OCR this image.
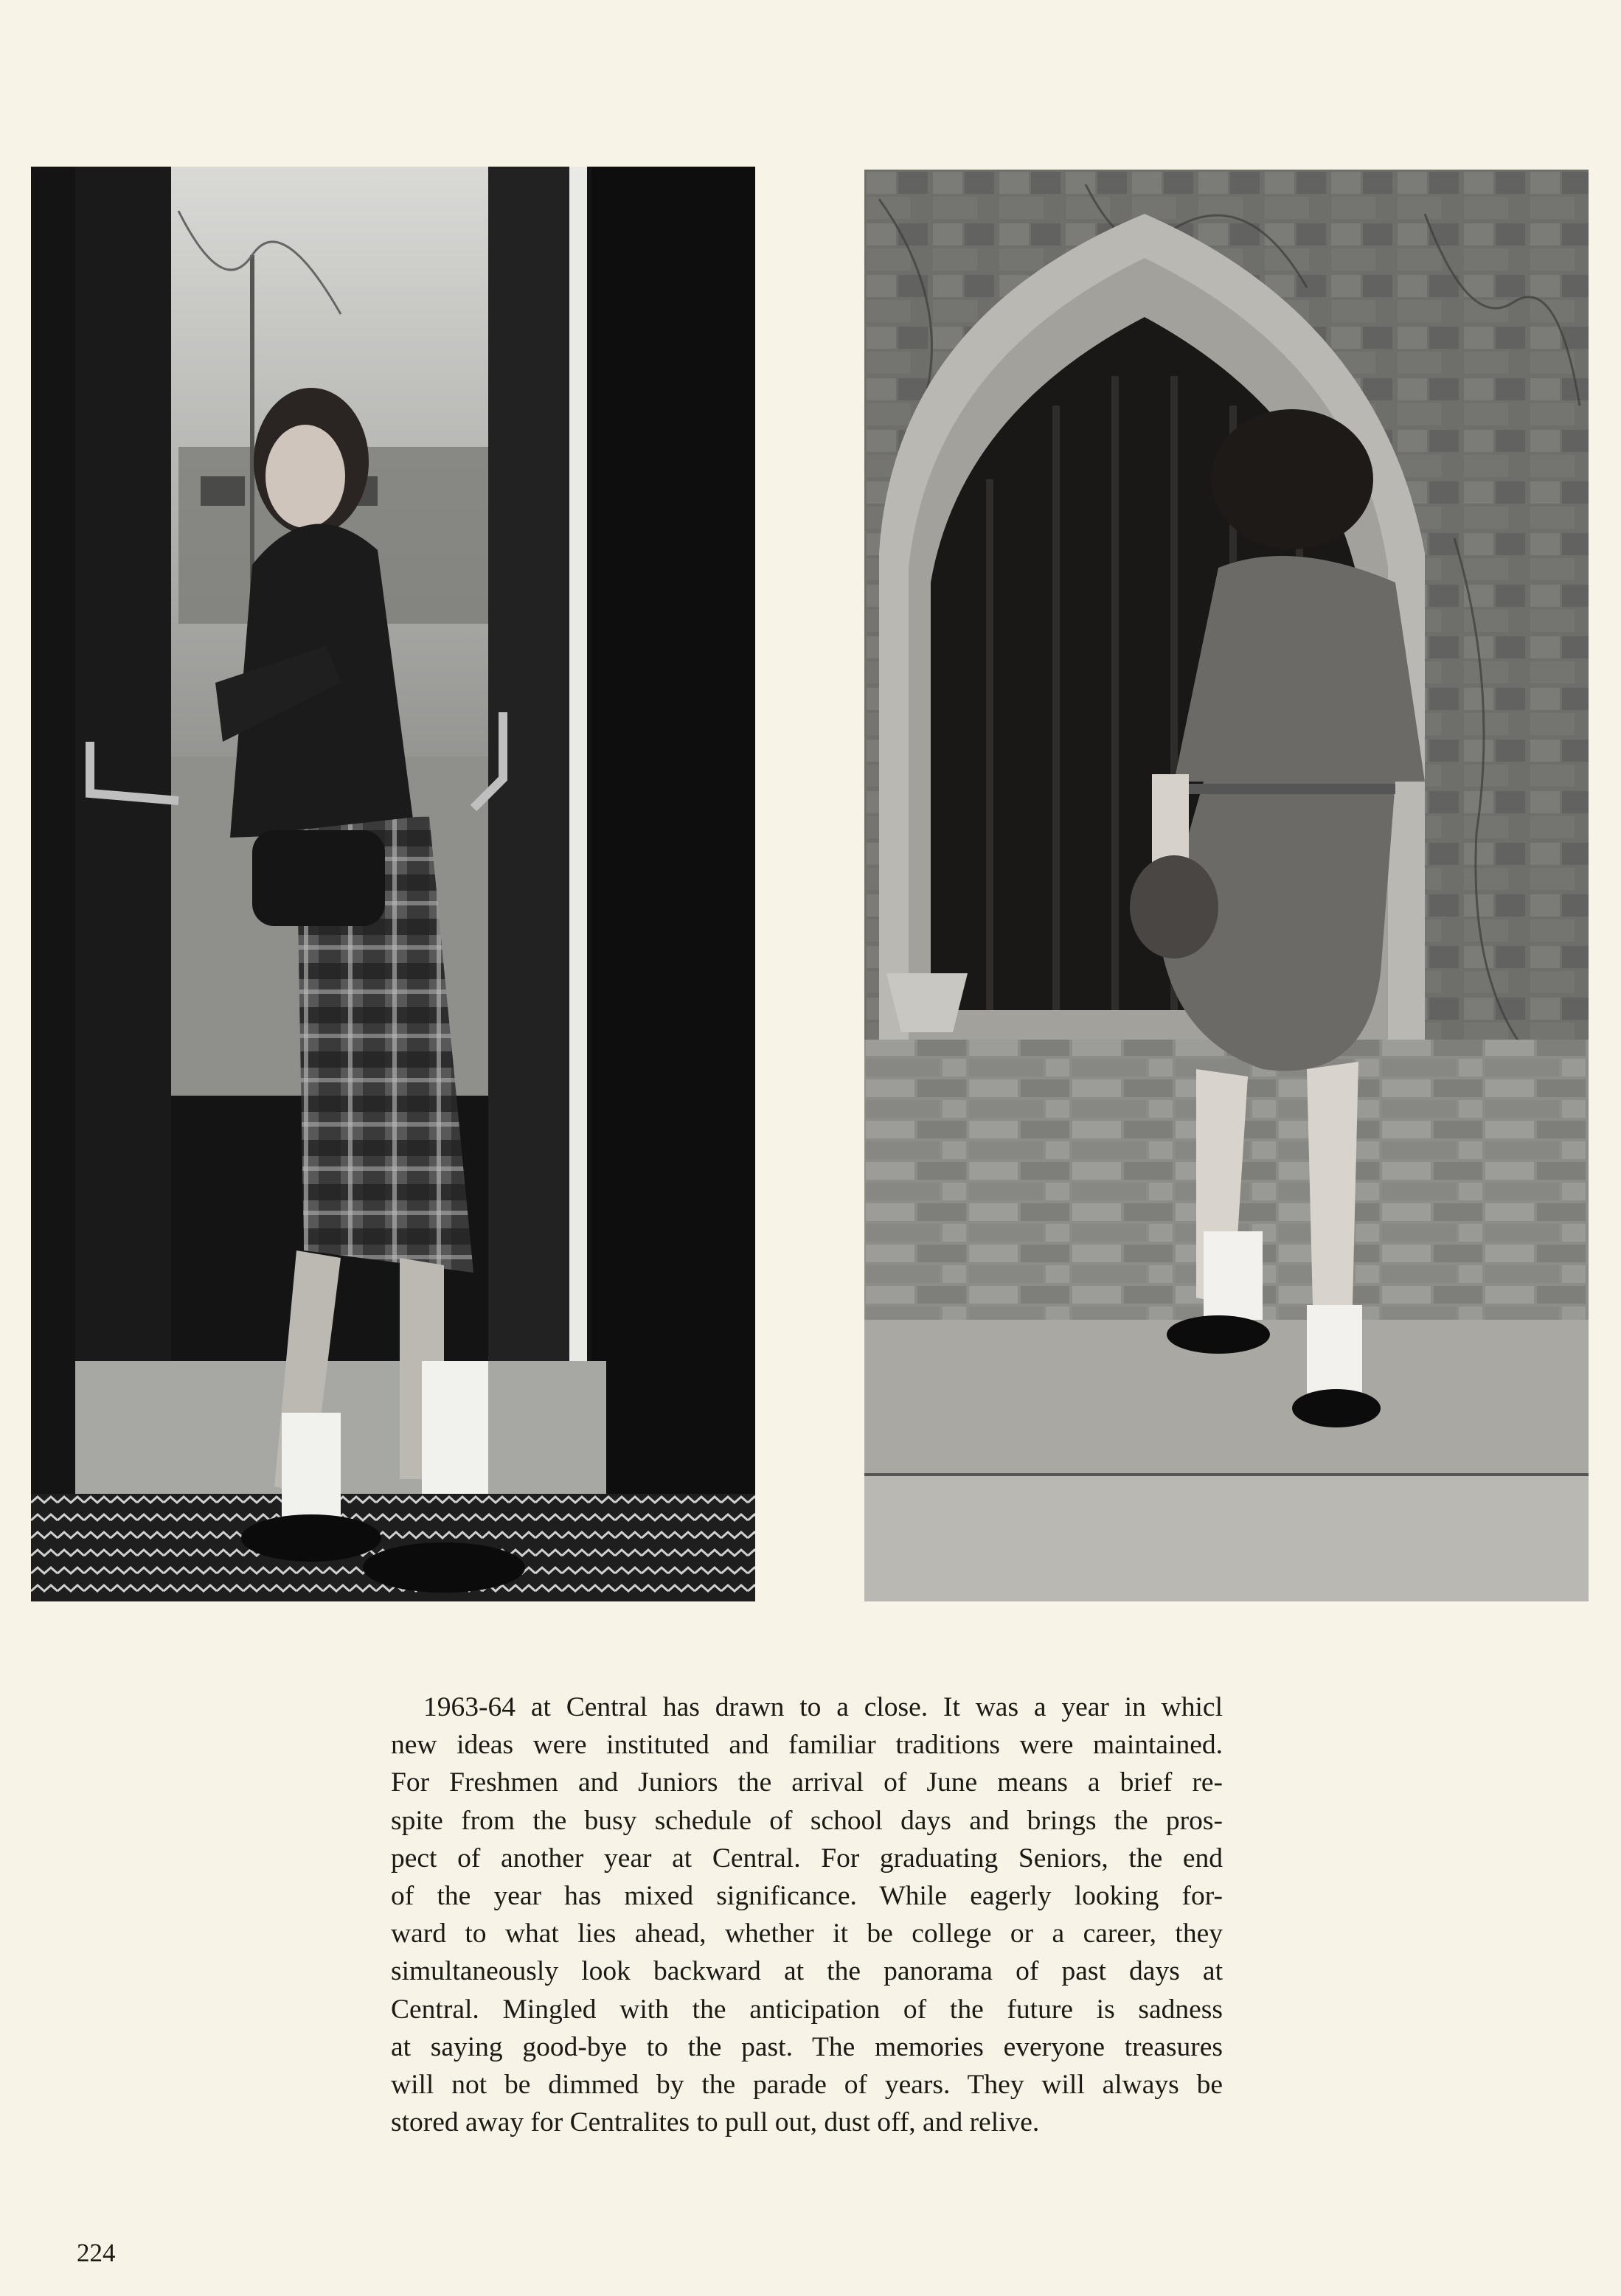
1963-64 at Central has drawn to a close. It was a year in whicl
new ideas were instituted and familiar traditions were maintained.
For Freshmen and Juniors the arrival of June means a brief re-
spite from the busy schedule of school days and brings the pros-
pect of another year at Central. For graduating Seniors, the end
of the year has mixed significance. While eagerly looking for-
ward to what lies ahead, whether it be college or a career, they
simultaneously look backward at the panorama of past days at
Central. Mingled with the anticipation of the future is sadness
at saying good-bye to the past. The memories everyone treasures
will not be dimmed by the parade of years. They will always be
stored away for Centralites to pull out, dust off, and relive.
224
